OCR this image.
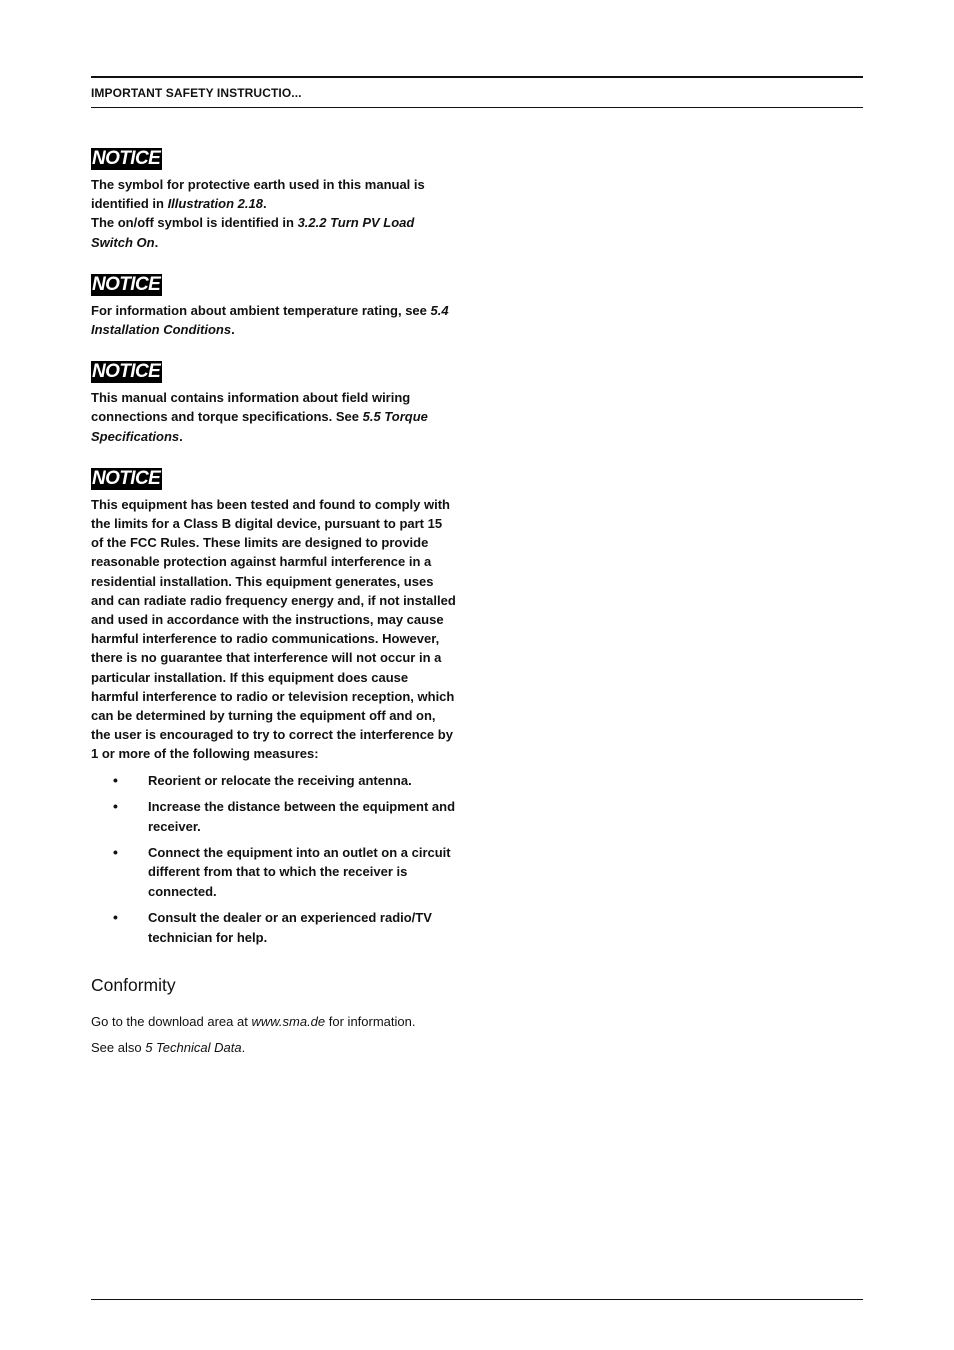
IMPORTANT SAFETY INSTRUCTIO...
NOTICE

The symbol for protective earth used in this manual is identified in Illustration 2.18.
The on/off symbol is identified in 3.2.2 Turn PV Load Switch On.

NOTICE

For information about ambient temperature rating, see 5.4 Installation Conditions.

NOTICE

This manual contains information about field wiring connections and torque specifications. See 5.5 Torque Specifications.

NOTICE

This equipment has been tested and found to comply with the limits for a Class B digital device, pursuant to part 15 of the FCC Rules. These limits are designed to provide reasonable protection against harmful interference in a residential installation. This equipment generates, uses and can radiate radio frequency energy and, if not installed and used in accordance with the instructions, may cause harmful interference to radio communications. However, there is no guarantee that interference will not occur in a particular installation. If this equipment does cause harmful interference to radio or television reception, which can be determined by turning the equipment off and on, the user is encouraged to try to correct the interference by 1 or more of the following measures:

• Reorient or relocate the receiving antenna.
• Increase the distance between the equipment and receiver.
• Connect the equipment into an outlet on a circuit different from that to which the receiver is connected.
• Consult the dealer or an experienced radio/TV technician for help.
Conformity

Go to the download area at www.sma.de for information.

See also 5 Technical Data.
